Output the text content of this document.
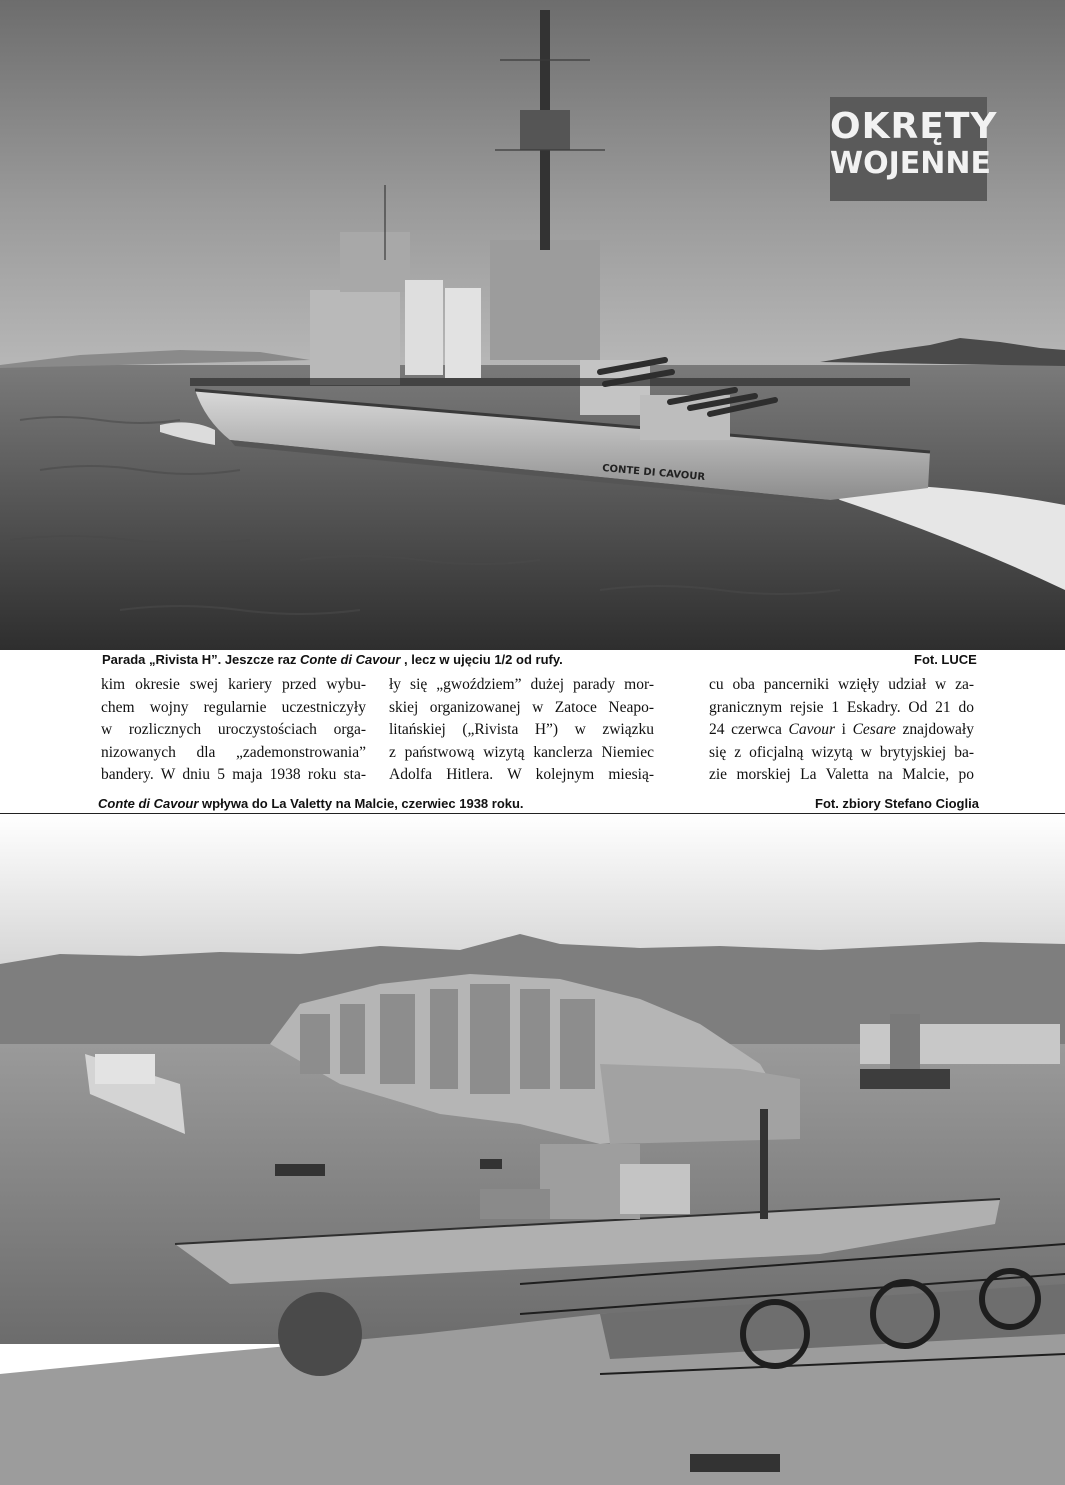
CONTE DI CAVOUR
OKRĘTY
WOJENNE
Parada „Rivista H”. Jeszcze raz Conte di Cavour , lecz w ujęciu 1/2 od rufy.	Fot. LUCE

kim okresie swej kariery przed wybu-

chem wojny regularnie uczestniczyły

w rozlicznych uroczystościach orga-

nizowanych dla „zademonstrowania”

bandery. W dniu 5 maja 1938 roku sta-

ły się „gwoździem” dużej parady mor-

skiej organizowanej w Zatoce Neapo-

litańskiej („Rivista H”) w związku

z państwową wizytą kanclerza Niemiec

Adolfa Hitlera. W kolejnym miesią-

cu oba pancerniki wzięły udział w za-

granicznym rejsie 1 Eskadry. Od 21 do

24 czerwca Cavour i Cesare znajdowały

się z oficjalną wizytą w brytyjskiej ba-

zie morskiej La Valetta na Malcie, po

Conte di Cavour wpływa do La Valetty na Malcie, czerwiec 1938 roku.	Fot. zbiory Stefano Cioglia
